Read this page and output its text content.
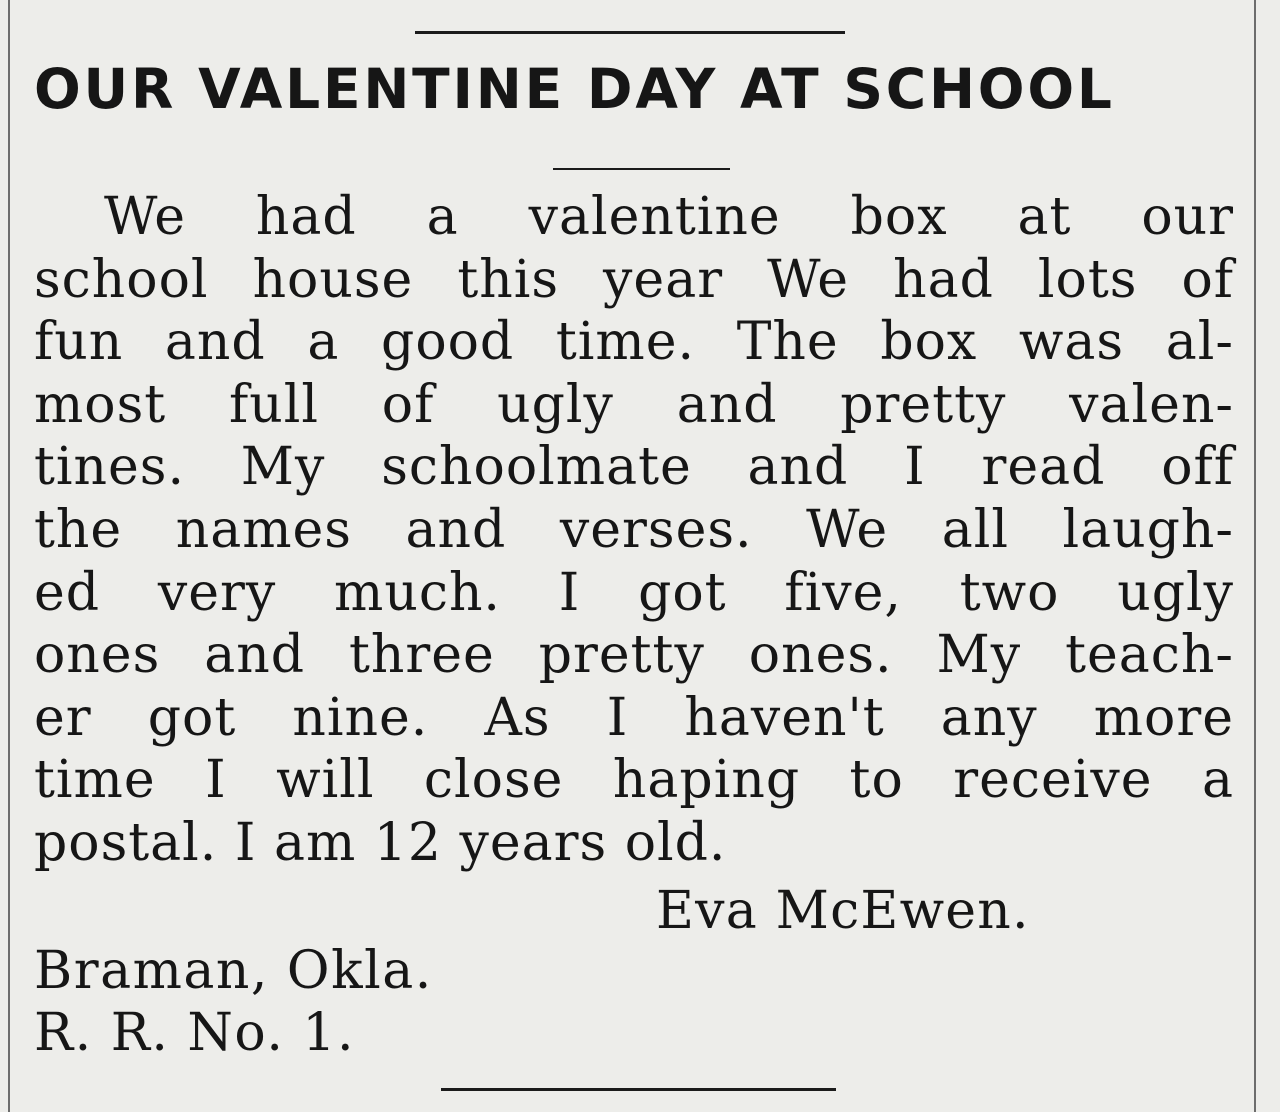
OUR VALENTINE DAY AT SCHOOL
We had a valentine box at our
school house this year We had lots of
fun and a good time. The box was al-
most full of ugly and pretty valen-
tines. My schoolmate and I read off
the names and verses. We all laugh-
ed very much. I got five, two ugly
ones and three pretty ones. My teach-
er got nine. As I haven't any more
time I will close haping to receive a
postal. I am 12 years old.

Eva McEwen.

Braman, Okla.
R. R. No. 1.
